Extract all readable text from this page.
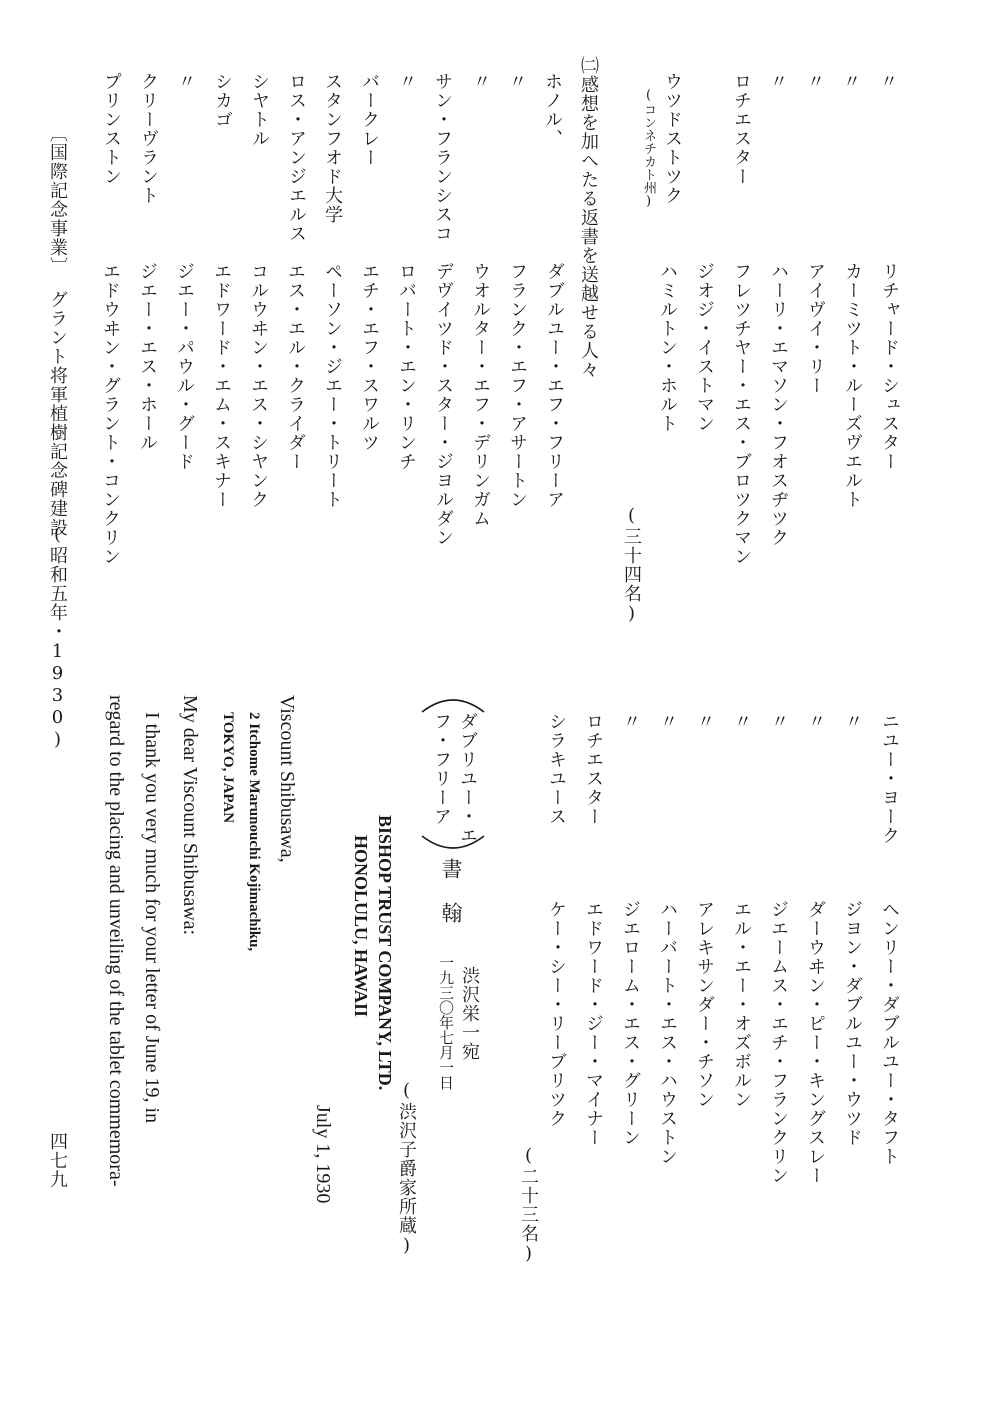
〃
リチャード・シュスター
〃
カーミツト・ルーズヴエルト
〃
アイヴイ・リー
〃
ハーリ・エマソン・フオスヂツク
ロチエスター
フレツチヤー・エス・ブロツクマン
ジオジ・イストマン
ウツドストツク
(コンネチカト州)
ハミルトン・ホルト
(三十四名)
㈡感想を加へたる返書を送越せる人々
ホノル、
ダブルユー・エフ・フリーア
〃
フランク・エフ・アサートン
〃
ウオルター・エフ・デリンガム
サン・フランシスコ
デヴイツド・スター・ジヨルダン
〃
ロバート・エン・リンチ
バークレー
エチ・エフ・スワルツ
スタンフオド大学
ペーソン・ジエー・トリート
ロス・アンジエルス
エス・エル・クライダー
シヤトル
コルウヰン・エス・シヤンク
シカゴ
エドワード・エム・スキナー
〃
ジエー・パウル・グード
クリーヴラント
ジエー・エス・ホール
プリンストン
エドウヰン・グラント・コンクリン
〔国際記念事業〕
グラント将軍植樹記念碑建設
(昭和五年・1930)
ニユー・ヨーク
ヘンリー・ダブルユー・タフト
〃
ジヨン・ダブルユー・ウツド
〃
ダーウヰン・ピー・キングスレー
〃
ジエームス・エチ・フランクリン
〃
エル・エー・オズボルン
〃
アレキサンダー・チソン
〃
ハーバート・エス・ハウストン
〃
ジエローム・エス・グリーン
ロチエスター
エドワード・ジー・マイナー
シラキユース
ケー・シー・リーブリツク
(二十三名)
ダブリユー・エ
フ・フリーア
書　翰
渋沢栄一宛
一九三〇年七月一日
(渋沢子爵家所蔵)
BISHOP TRUST COMPANY, LTD.
HONOLULU, HAWAII
July 1, 1930
Viscount Shibusawa,
2 Itchome Marunouchi Kojimachiku,
TOKYO, JAPAN
My dear Viscount Shibusawa:
I thank you very much for your letter of June 19, in
regard to the placing and unveiling of the tablet commemora-
四七九
